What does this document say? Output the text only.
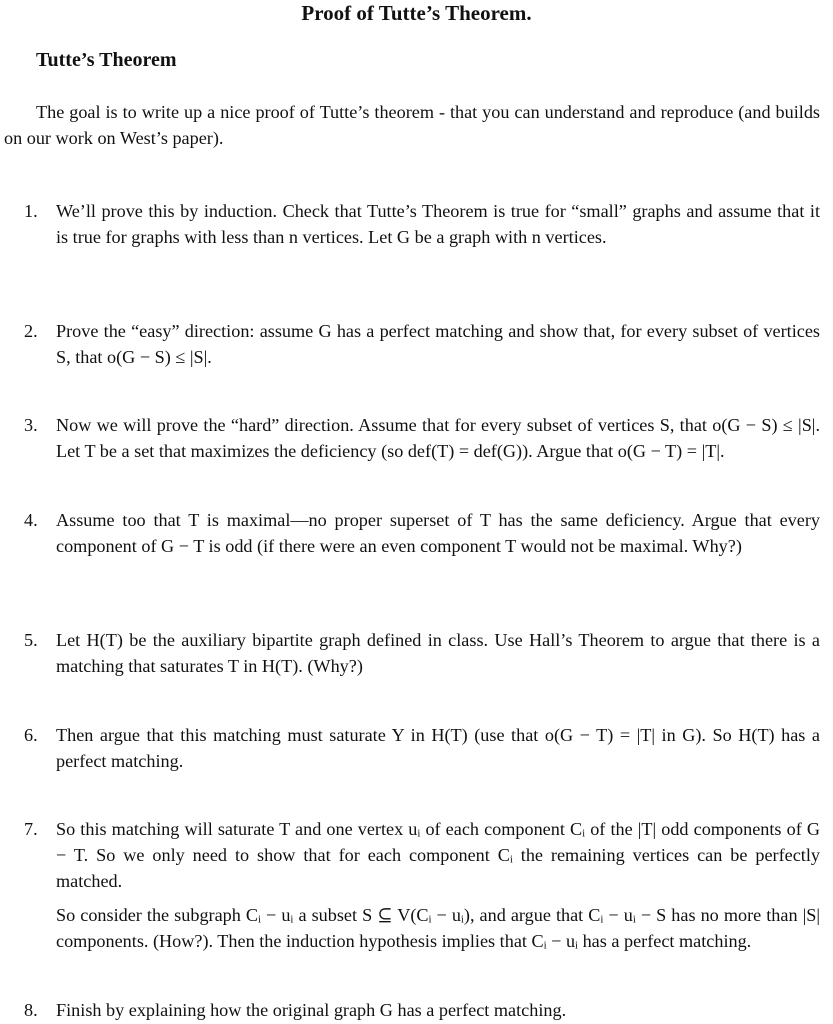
Proof of Tutte’s Theorem.
Tutte’s Theorem
The goal is to write up a nice proof of Tutte’s theorem - that you can understand and reproduce (and builds on our work on West’s paper).
1.	We’ll prove this by induction. Check that Tutte’s Theorem is true for “small” graphs and assume that it is true for graphs with less than n vertices. Let G be a graph with n vertices.

2.	Prove the “easy” direction: assume G has a perfect matching and show that, for every subset of vertices S, that o(G − S) ≤ |S|.

3.	Now we will prove the “hard” direction. Assume that for every subset of vertices S, that o(G − S) ≤ |S|. Let T be a set that maximizes the deficiency (so def(T) = def(G)). Argue that o(G − T) = |T|.

4.	Assume too that T is maximal—no proper superset of T has the same deficiency. Argue that every component of G − T is odd (if there were an even component T would not be maximal. Why?)

5.	Let H(T) be the auxiliary bipartite graph defined in class. Use Hall’s Theorem to argue that there is a matching that saturates T in H(T). (Why?)

6.	Then argue that this matching must saturate Y in H(T) (use that o(G − T) = |T| in G). So H(T) has a perfect matching.

7.	So this matching will saturate T and one vertex uᵢ of each component Cᵢ of the |T| odd components of G − T. So we only need to show that for each component Cᵢ the remaining vertices can be perfectly matched.

So consider the subgraph Cᵢ − uᵢ a subset S ⊆ V(Cᵢ − uᵢ), and argue that Cᵢ − uᵢ − S has no more than |S| components. (How?). Then the induction hypothesis implies that Cᵢ − uᵢ has a perfect matching.

8.	Finish by explaining how the original graph G has a perfect matching.
